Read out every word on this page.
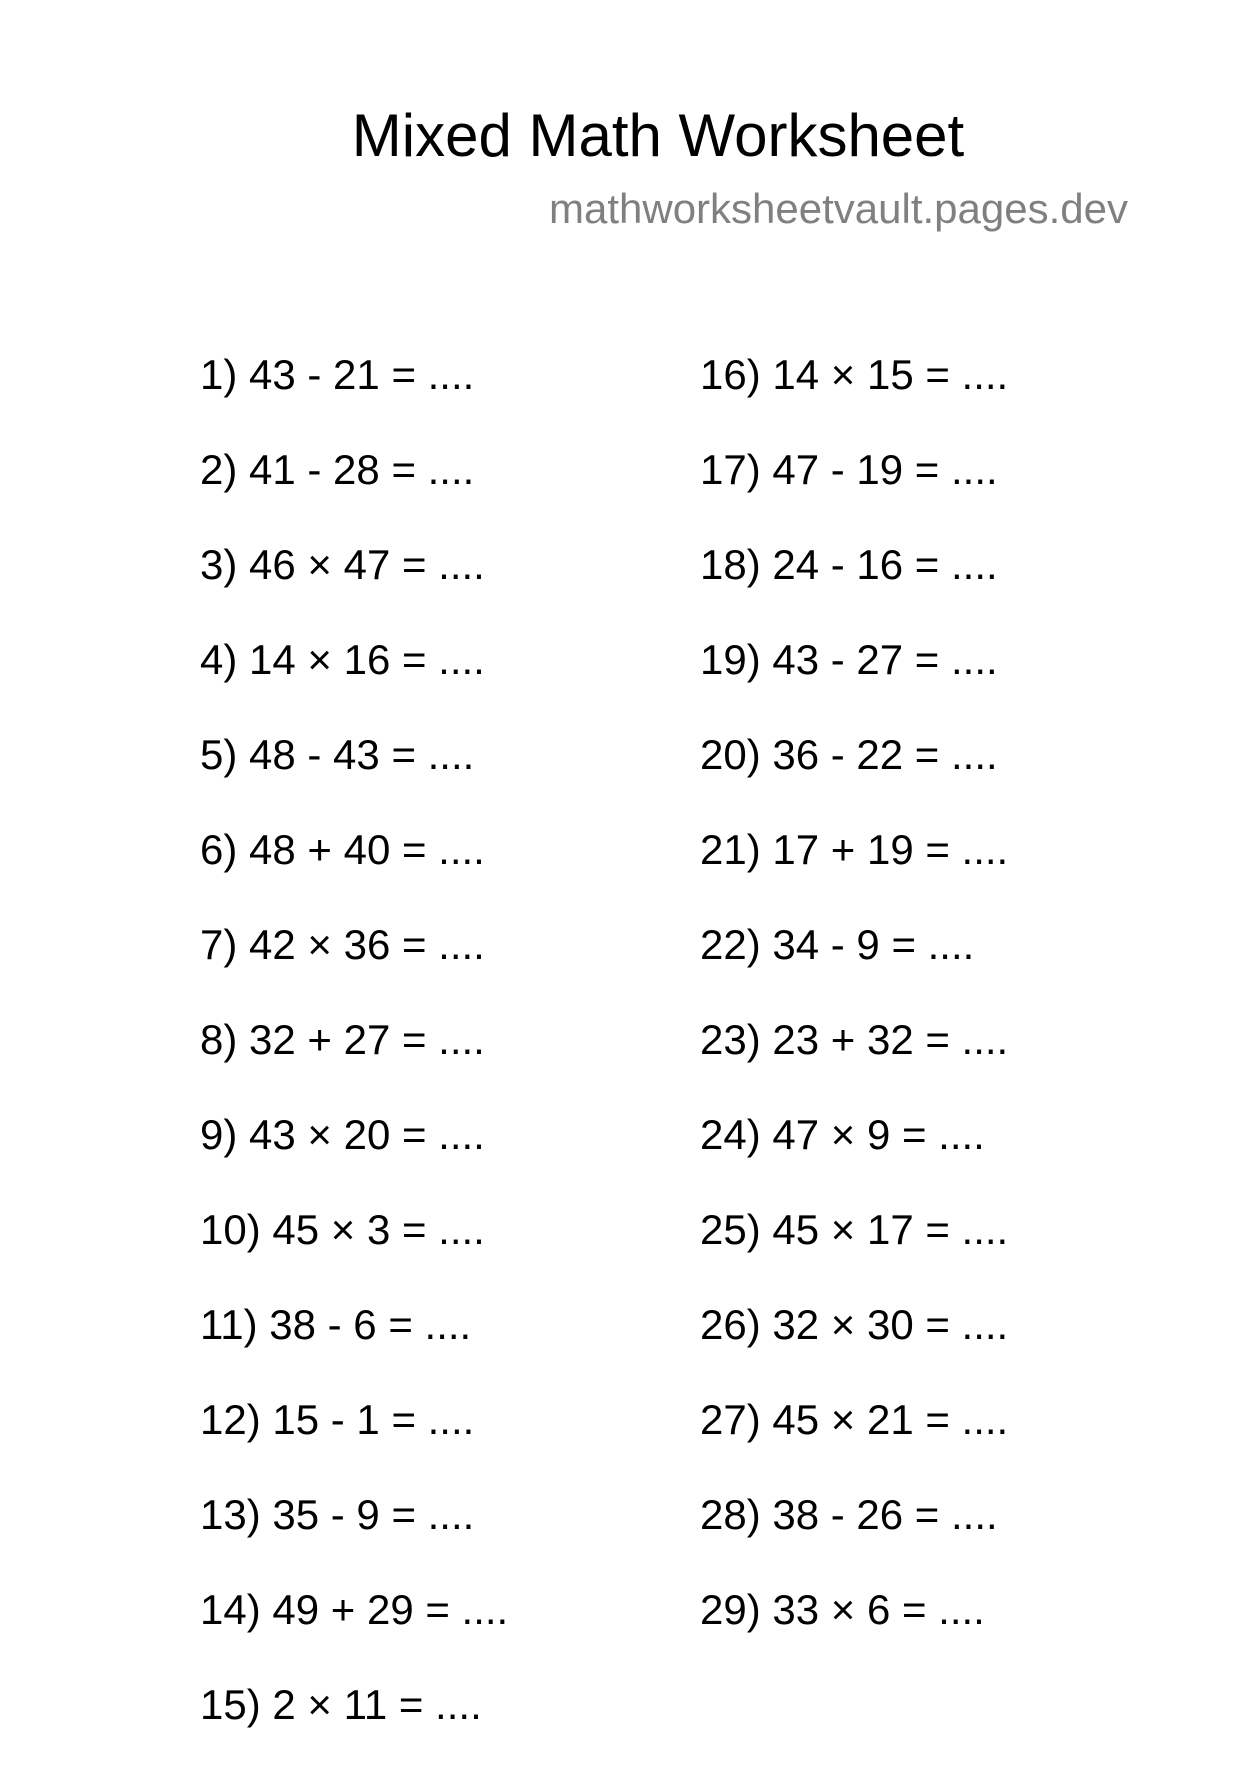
Mixed Math Worksheet
mathworksheetvault.pages.dev
1) 43 - 21 = ....
2) 41 - 28 = ....
3) 46 × 47 = ....
4) 14 × 16 = ....
5) 48 - 43 = ....
6) 48 + 40 = ....
7) 42 × 36 = ....
8) 32 + 27 = ....
9) 43 × 20 = ....
10) 45 × 3 = ....
11) 38 - 6 = ....
12) 15 - 1 = ....
13) 35 - 9 = ....
14) 49 + 29 = ....
15) 2 × 11 = ....
16) 14 × 15 = ....
17) 47 - 19 = ....
18) 24 - 16 = ....
19) 43 - 27 = ....
20) 36 - 22 = ....
21) 17 + 19 = ....
22) 34 - 9 = ....
23) 23 + 32 = ....
24) 47 × 9 = ....
25) 45 × 17 = ....
26) 32 × 30 = ....
27) 45 × 21 = ....
28) 38 - 26 = ....
29) 33 × 6 = ....
